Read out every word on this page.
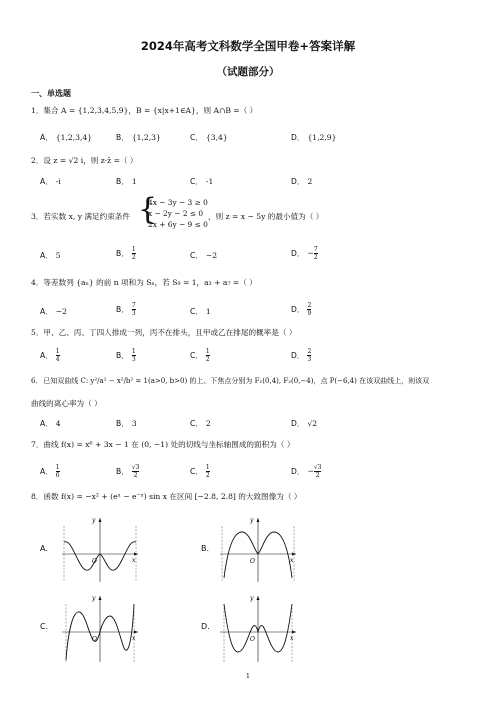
2024年高考文科数学全国甲卷+答案详解
（试题部分）
一、单选题
1． 集合 A = {1,2,3,4,5,9}，B = {x|x+1∈A}，则 A∩B =（ ）
A． {1,2,3,4}	B． {1,2,3}	C． {3,4}	D． {1,2,9}
2． 设 z = √2 i，则 z·z̄ =（ ）
A． -i	B． 1	C． -1	D． 2
3． 若实数 x, y 满足约束条件 {
4x − 3y − 3 ≥ 0
x − 2y − 2 ≤ 0
2x + 6y − 9 ≤ 0
，则 z = x − 5y 的最小值为（ ）
A． 5	B． $\frac{1}{2}$	C． −2	D． − $\frac{7}{2}$
4． 等差数列 {aₙ} 的前 n 项和为 Sₙ，若 S₉ = 1，a₃ + a₇ =（ ）
A． −2	B． $\frac{7}{3}$	C． 1	D． $\frac{2}{9}$
5． 甲、乙、丙、丁四人排成一列，丙不在排头，且甲或乙在排尾的概率是（ ）
A． $\frac{1}{4}$	B． $\frac{1}{3}$	C． $\frac{1}{2}$	D． $\frac{2}{3}$
6． 已知双曲线 C: y²/a² − x²/b² = 1(a>0, b>0) 的上、下焦点分别为 F₁(0,4), F₂(0,−4)，点 P(−6,4) 在该双曲线上，则该双
曲线的离心率为（ ）
A． 4	B． 3	C． 2	D． √2
7． 曲线 f(x) = x⁶ + 3x − 1 在 (0, −1) 处的切线与坐标轴围成的面积为（ ）
A． $\frac{1}{6}$	B． $\frac{√3}{2}$	C． $\frac{1}{2}$	D． − $\frac{√3}{2}$
8． 函数 f(x) = −x² + (eˣ − e⁻ˣ) sin x 在区间 [−2.8, 2.8] 的大致图像为（ ）
A.
y
x
O
B.
y
x
O
C.
y
x
O
D.
y
x
O
1
